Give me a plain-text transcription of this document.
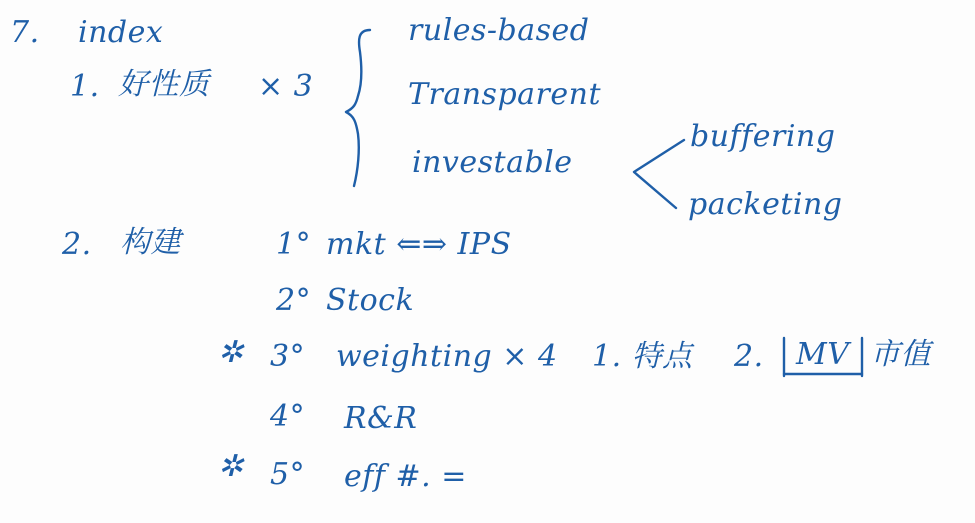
7. index
1. 好性质 × 3
rules-based
Transparent
investable
buffering
packeting
2. 构建	1° mkt ⇐⇒ IPS
2° Stock
✲ 3° weighting × 4 1. 特点 2. MV 市值
4° R&R
✲ 5° eff #. =
